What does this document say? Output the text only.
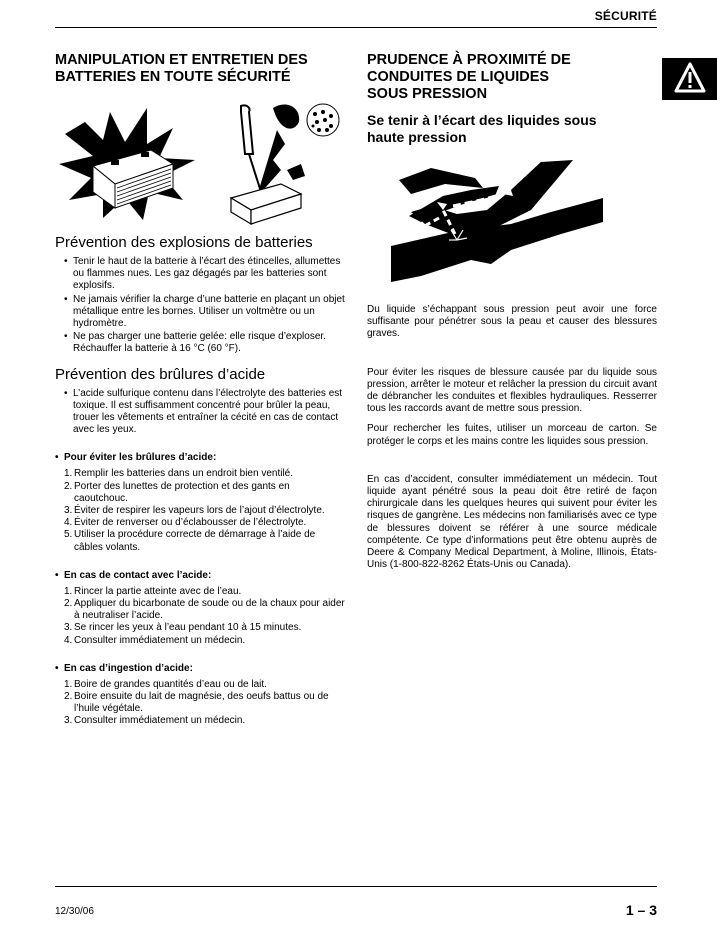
SÉCURITÉ
MANIPULATION ET ENTRETIEN DES
BATTERIES EN TOUTE SÉCURITÉ
Prévention des explosions de batteries
• Tenir le haut de la batterie à l’écart des étincelles, allumettes ou flammes nues. Les gaz dégagés par les batteries sont explosifs.
• Ne jamais vérifier la charge d’une batterie en plaçant un objet métallique entre les bornes. Utiliser un voltmètre ou un hydromètre.
• Ne pas charger une batterie gelée: elle risque d’exploser. Réchauffer la batterie à 16 °C (60 °F).
Prévention des brûlures d’acide
• L’acide sulfurique contenu dans l’électrolyte des batteries est toxique. Il est suffisamment concentré pour brûler la peau, trouer les vêtements et entraîner la cécité en cas de contact avec les yeux.
• Pour éviter les brûlures d’acide:
1. Remplir les batteries dans un endroit bien ventilé.
2. Porter des lunettes de protection et des gants en caoutchouc.
3. Éviter de respirer les vapeurs lors de l’ajout d’électrolyte.
4. Éviter de renverser ou d’éclabousser de l’électrolyte.
5. Utiliser la procédure correcte de démarrage à l’aide de câbles volants.
• En cas de contact avec l’acide:
1. Rincer la partie atteinte avec de l’eau.
2. Appliquer du bicarbonate de soude ou de la chaux pour aider à neutraliser l’acide.
3. Se rincer les yeux à l’eau pendant 10 à 15 minutes.
4. Consulter immédiatement un médecin.
• En cas d’ingestion d’acide:
1. Boire de grandes quantités d’eau ou de lait.
2. Boire ensuite du lait de magnésie, des oeufs battus ou de l’huile végétale.
3. Consulter immédiatement un médecin.
PRUDENCE À PROXIMITÉ DE
CONDUITES DE LIQUIDES
SOUS PRESSION
Se tenir à l’écart des liquides sous
haute pression

Du liquide s’échappant sous pression peut avoir une force suffisante pour pénétrer sous la peau et causer des blessures graves.

Pour éviter les risques de blessure causée par du liquide sous pression, arrêter le moteur et relâcher la pression du circuit avant de débrancher les conduites et flexibles hydrauliques. Resserrer tous les raccords avant de mettre sous pression.

Pour rechercher les fuites, utiliser un morceau de carton. Se protéger le corps et les mains contre les liquides sous pression.

En cas d’accident, consulter immédiatement un médecin. Tout liquide ayant pénétré sous la peau doit être retiré de façon chirurgicale dans les quelques heures qui suivent pour éviter les risques de gangrène. Les médecins non familiarisés avec ce type de blessures doivent se référer à une source médicale compétente. Ce type d’informations peut être obtenu auprès de Deere & Company Medical Department, à Moline, Illinois, États-Unis (1-800-822-8262 États-Unis ou Canada).

12/30/06	1 – 3
